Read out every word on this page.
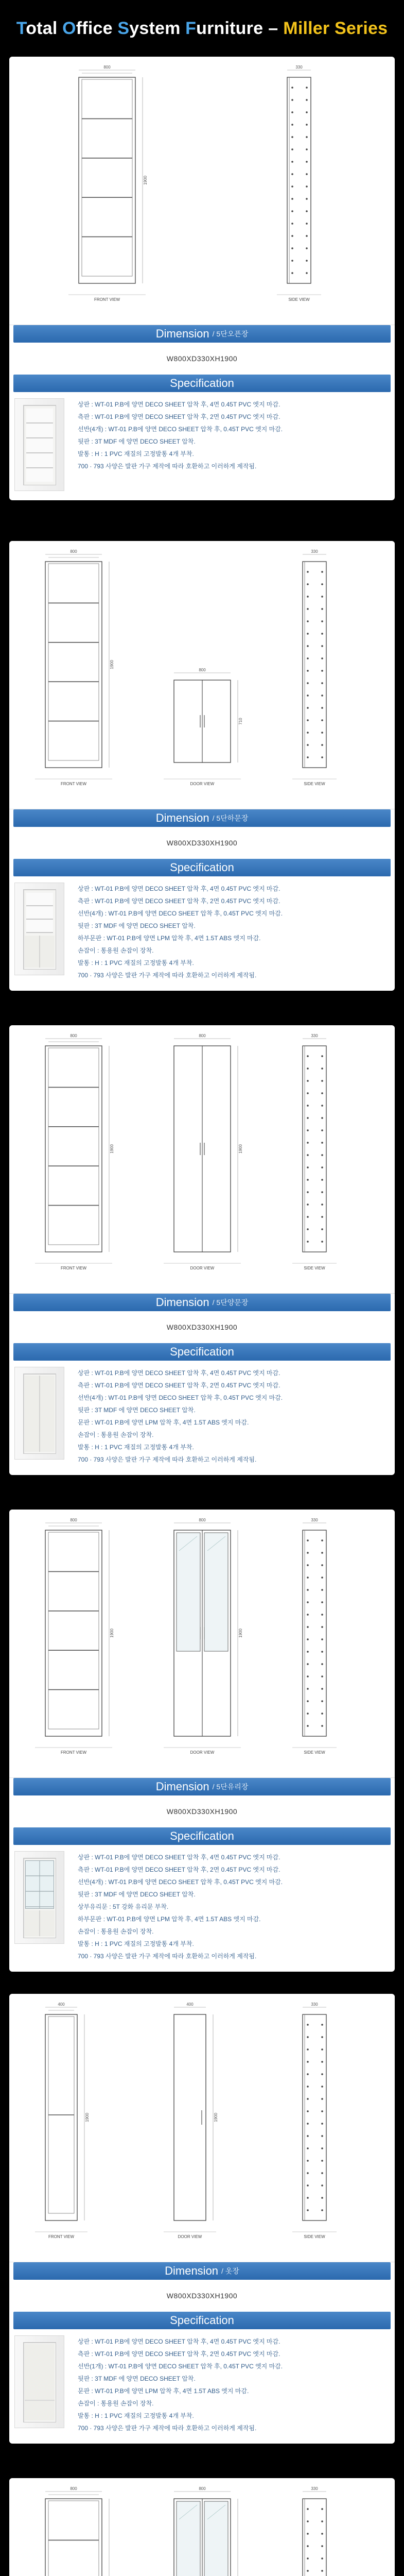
Total Office System Furniture – Miller Series
800
1900
FRONT VIEW
330
SIDE VIEW
Dimension / 5단오픈장
W800XD330XH1900
Specification
상판 : WT-01 P.B에 양면 DECO SHEET 압착 후, 4면 0.45T PVC 엣지 마감.
측판 : WT-01 P.B에 양면 DECO SHEET 압착 후, 2면 0.45T PVC 엣지 마감.
선반(4개) : WT-01 P.B에 양면 DECO SHEET 압착 후, 0.45T PVC 엣지 마감.
뒷판 : 3T MDF 에 양면 DECO SHEET 압착.
발통 : H : 1 PVC 재질의 고정발통 4개 부착.
700 · 793 사양은 발판 가구 제작에 따라 호환하고 이러하게 제작됨.
800
1900
FRONT VIEW
800
710
DOOR VIEW
330
SIDE VIEW
Dimension / 5단하문장
W800XD330XH1900
Specification
상판 : WT-01 P.B에 양면 DECO SHEET 압착 후, 4면 0.45T PVC 엣지 마감.
측판 : WT-01 P.B에 양면 DECO SHEET 압착 후, 2면 0.45T PVC 엣지 마감.
선반(4개) : WT-01 P.B에 양면 DECO SHEET 압착 후, 0.45T PVC 엣지 마감.
뒷판 : 3T MDF 에 양면 DECO SHEET 압착.
하부문판 : WT-01 P.B에 양면 LPM 압착 후, 4면 1.5T ABS 엣지 마감.
손잡이 : 통용원 손잡이 장착.
발통 : H : 1 PVC 재질의 고정발통 4개 부착.
700 · 793 사양은 발판 가구 제작에 따라 호환하고 이러하게 제작됨.
800
1900
FRONT VIEW
800
1900
DOOR VIEW
330
SIDE VIEW
Dimension / 5단양문장
W800XD330XH1900
Specification
상판 : WT-01 P.B에 양면 DECO SHEET 압착 후, 4면 0.45T PVC 엣지 마감.
측판 : WT-01 P.B에 양면 DECO SHEET 압착 후, 2면 0.45T PVC 엣지 마감.
선반(4개) : WT-01 P.B에 양면 DECO SHEET 압착 후, 0.45T PVC 엣지 마감.
뒷판 : 3T MDF 에 양면 DECO SHEET 압착.
문판 : WT-01 P.B에 양면 LPM 압착 후, 4면 1.5T ABS 엣지 마감.
손잡이 : 통용원 손잡이 장착.
발통 : H : 1 PVC 재질의 고정발통 4개 부착.
700 · 793 사양은 발판 가구 제작에 따라 호환하고 이러하게 제작됨.
800
1900
FRONT VIEW
800
1900
DOOR VIEW
330
SIDE VIEW
Dimension / 5단유리장
W800XD330XH1900
Specification
상판 : WT-01 P.B에 양면 DECO SHEET 압착 후, 4면 0.45T PVC 엣지 마감.
측판 : WT-01 P.B에 양면 DECO SHEET 압착 후, 2면 0.45T PVC 엣지 마감.
선반(4개) : WT-01 P.B에 양면 DECO SHEET 압착 후, 0.45T PVC 엣지 마감.
뒷판 : 3T MDF 에 양면 DECO SHEET 압착.
상부유리문 : 5T 강화 유리문 부착.
하부문판 : WT-01 P.B에 양면 LPM 압착 후, 4면 1.5T ABS 엣지 마감.
손잡이 : 통용원 손잡이 장착.
발통 : H : 1 PVC 재질의 고정발통 4개 부착.
700 · 793 사양은 발판 가구 제작에 따라 호환하고 이러하게 제작됨.
400
1900
FRONT VIEW
400
1900
DOOR VIEW
330
SIDE VIEW
Dimension / 옷장
W800XD330XH1900
Specification
상판 : WT-01 P.B에 양면 DECO SHEET 압착 후, 4면 0.45T PVC 엣지 마감.
측판 : WT-01 P.B에 양면 DECO SHEET 압착 후, 2면 0.45T PVC 엣지 마감.
선반(1개) : WT-01 P.B에 양면 DECO SHEET 압착 후, 0.45T PVC 엣지 마감.
뒷판 : 3T MDF 에 양면 DECO SHEET 압착.
문판 : WT-01 P.B에 양면 LPM 압착 후, 4면 1.5T ABS 엣지 마감.
손잡이 : 통용원 손잡이 장착.
발통 : H : 1 PVC 재질의 고정발통 4개 부착.
700 · 793 사양은 발판 가구 제작에 따라 호환하고 이러하게 제작됨.
800	800	330
